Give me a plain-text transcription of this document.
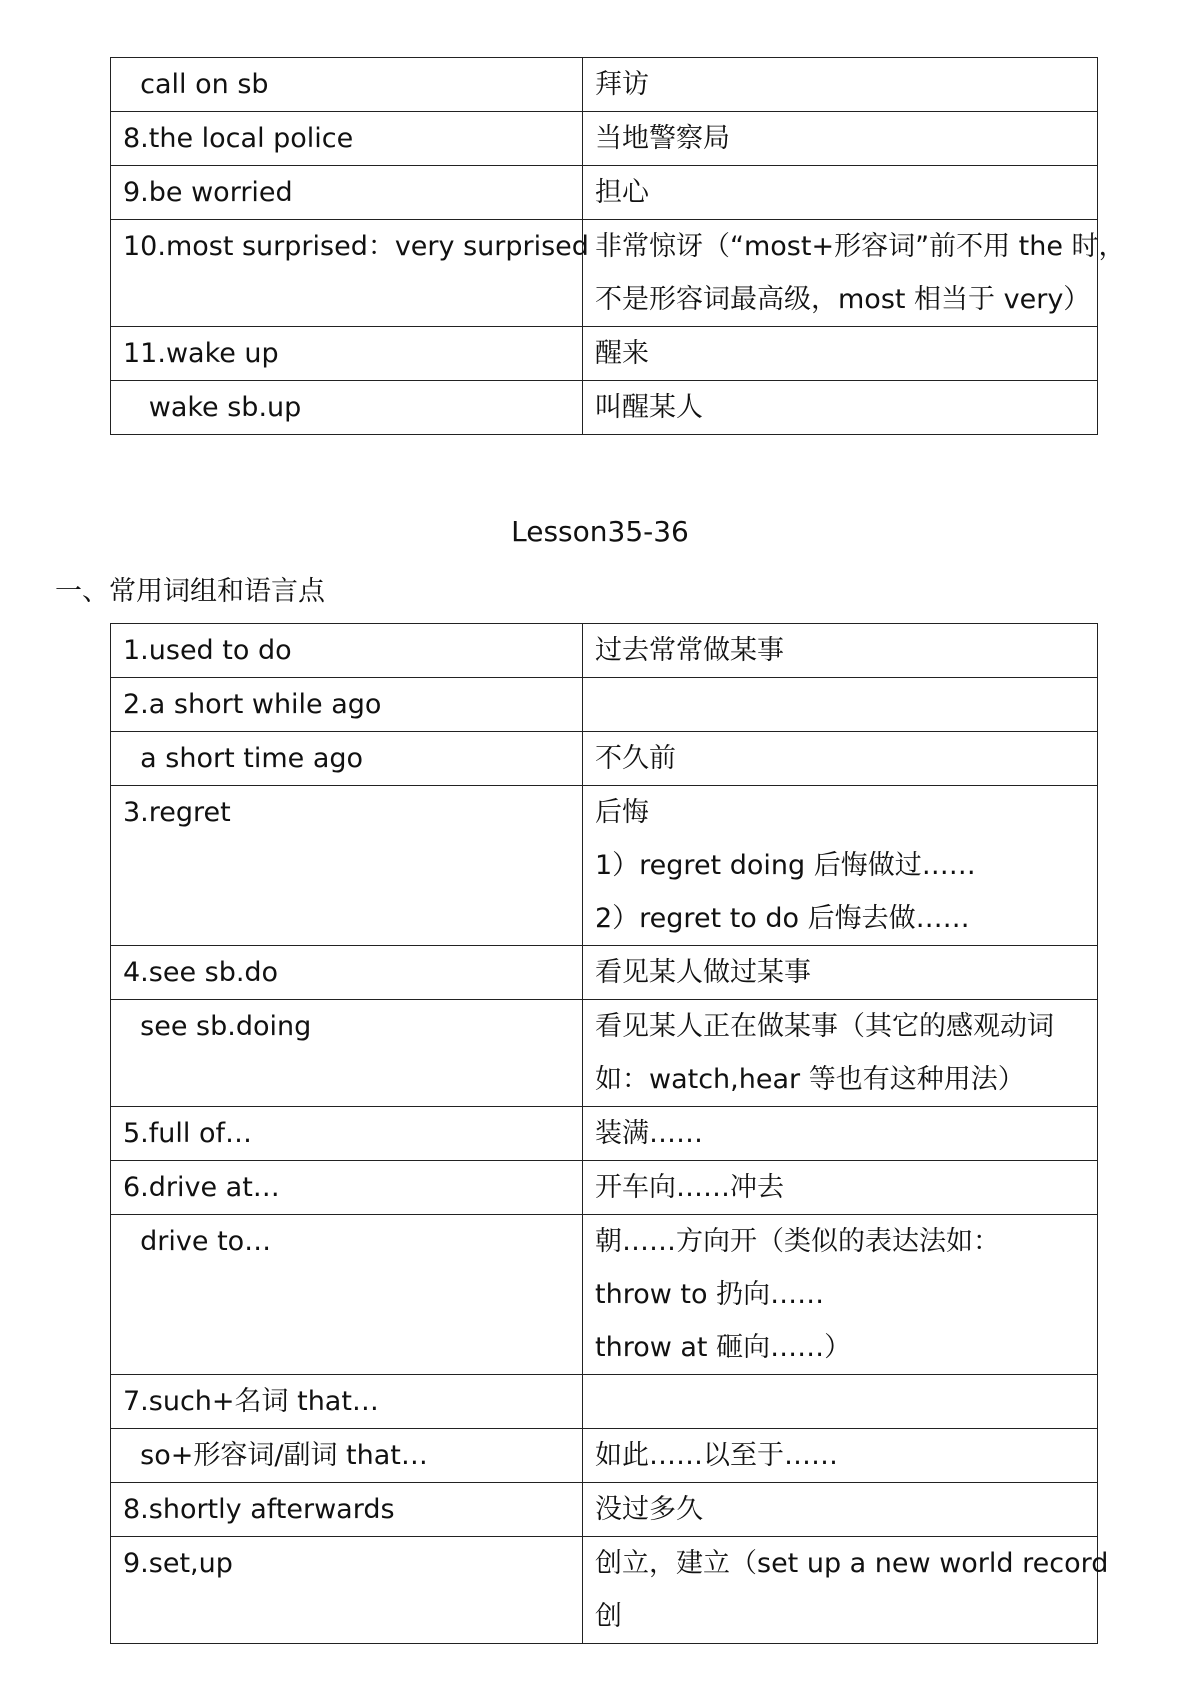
call on sb	拜访

8.the local police	当地警察局

9.be worried	担心

10.most surprised：very surprised	非常惊讶（“most+形容词”前不用 the 时，
不是形容词最高级，most 相当于 very）

11.wake up	醒来

wake sb.up	叫醒某人
Lesson35-36
一、常用词组和语言点
1.used to do	过去常常做某事

2.a short while ago	

a short time ago	不久前

3.regret	后悔
1）regret doing 后悔做过……
2）regret to do 后悔去做……

4.see sb.do	看见某人做过某事

see sb.doing	看见某人正在做某事（其它的感观动词
如：watch,hear 等也有这种用法）

5.full of…	装满……

6.drive at…	开车向……冲去

drive to…	朝……方向开（类似的表达法如：
throw to 扔向……
throw at 砸向……）

7.such+名词 that…	

so+形容词/副词 that…	如此……以至于……

8.shortly afterwards	没过多久

9.set,up	创立，建立（set up a new world record
创
